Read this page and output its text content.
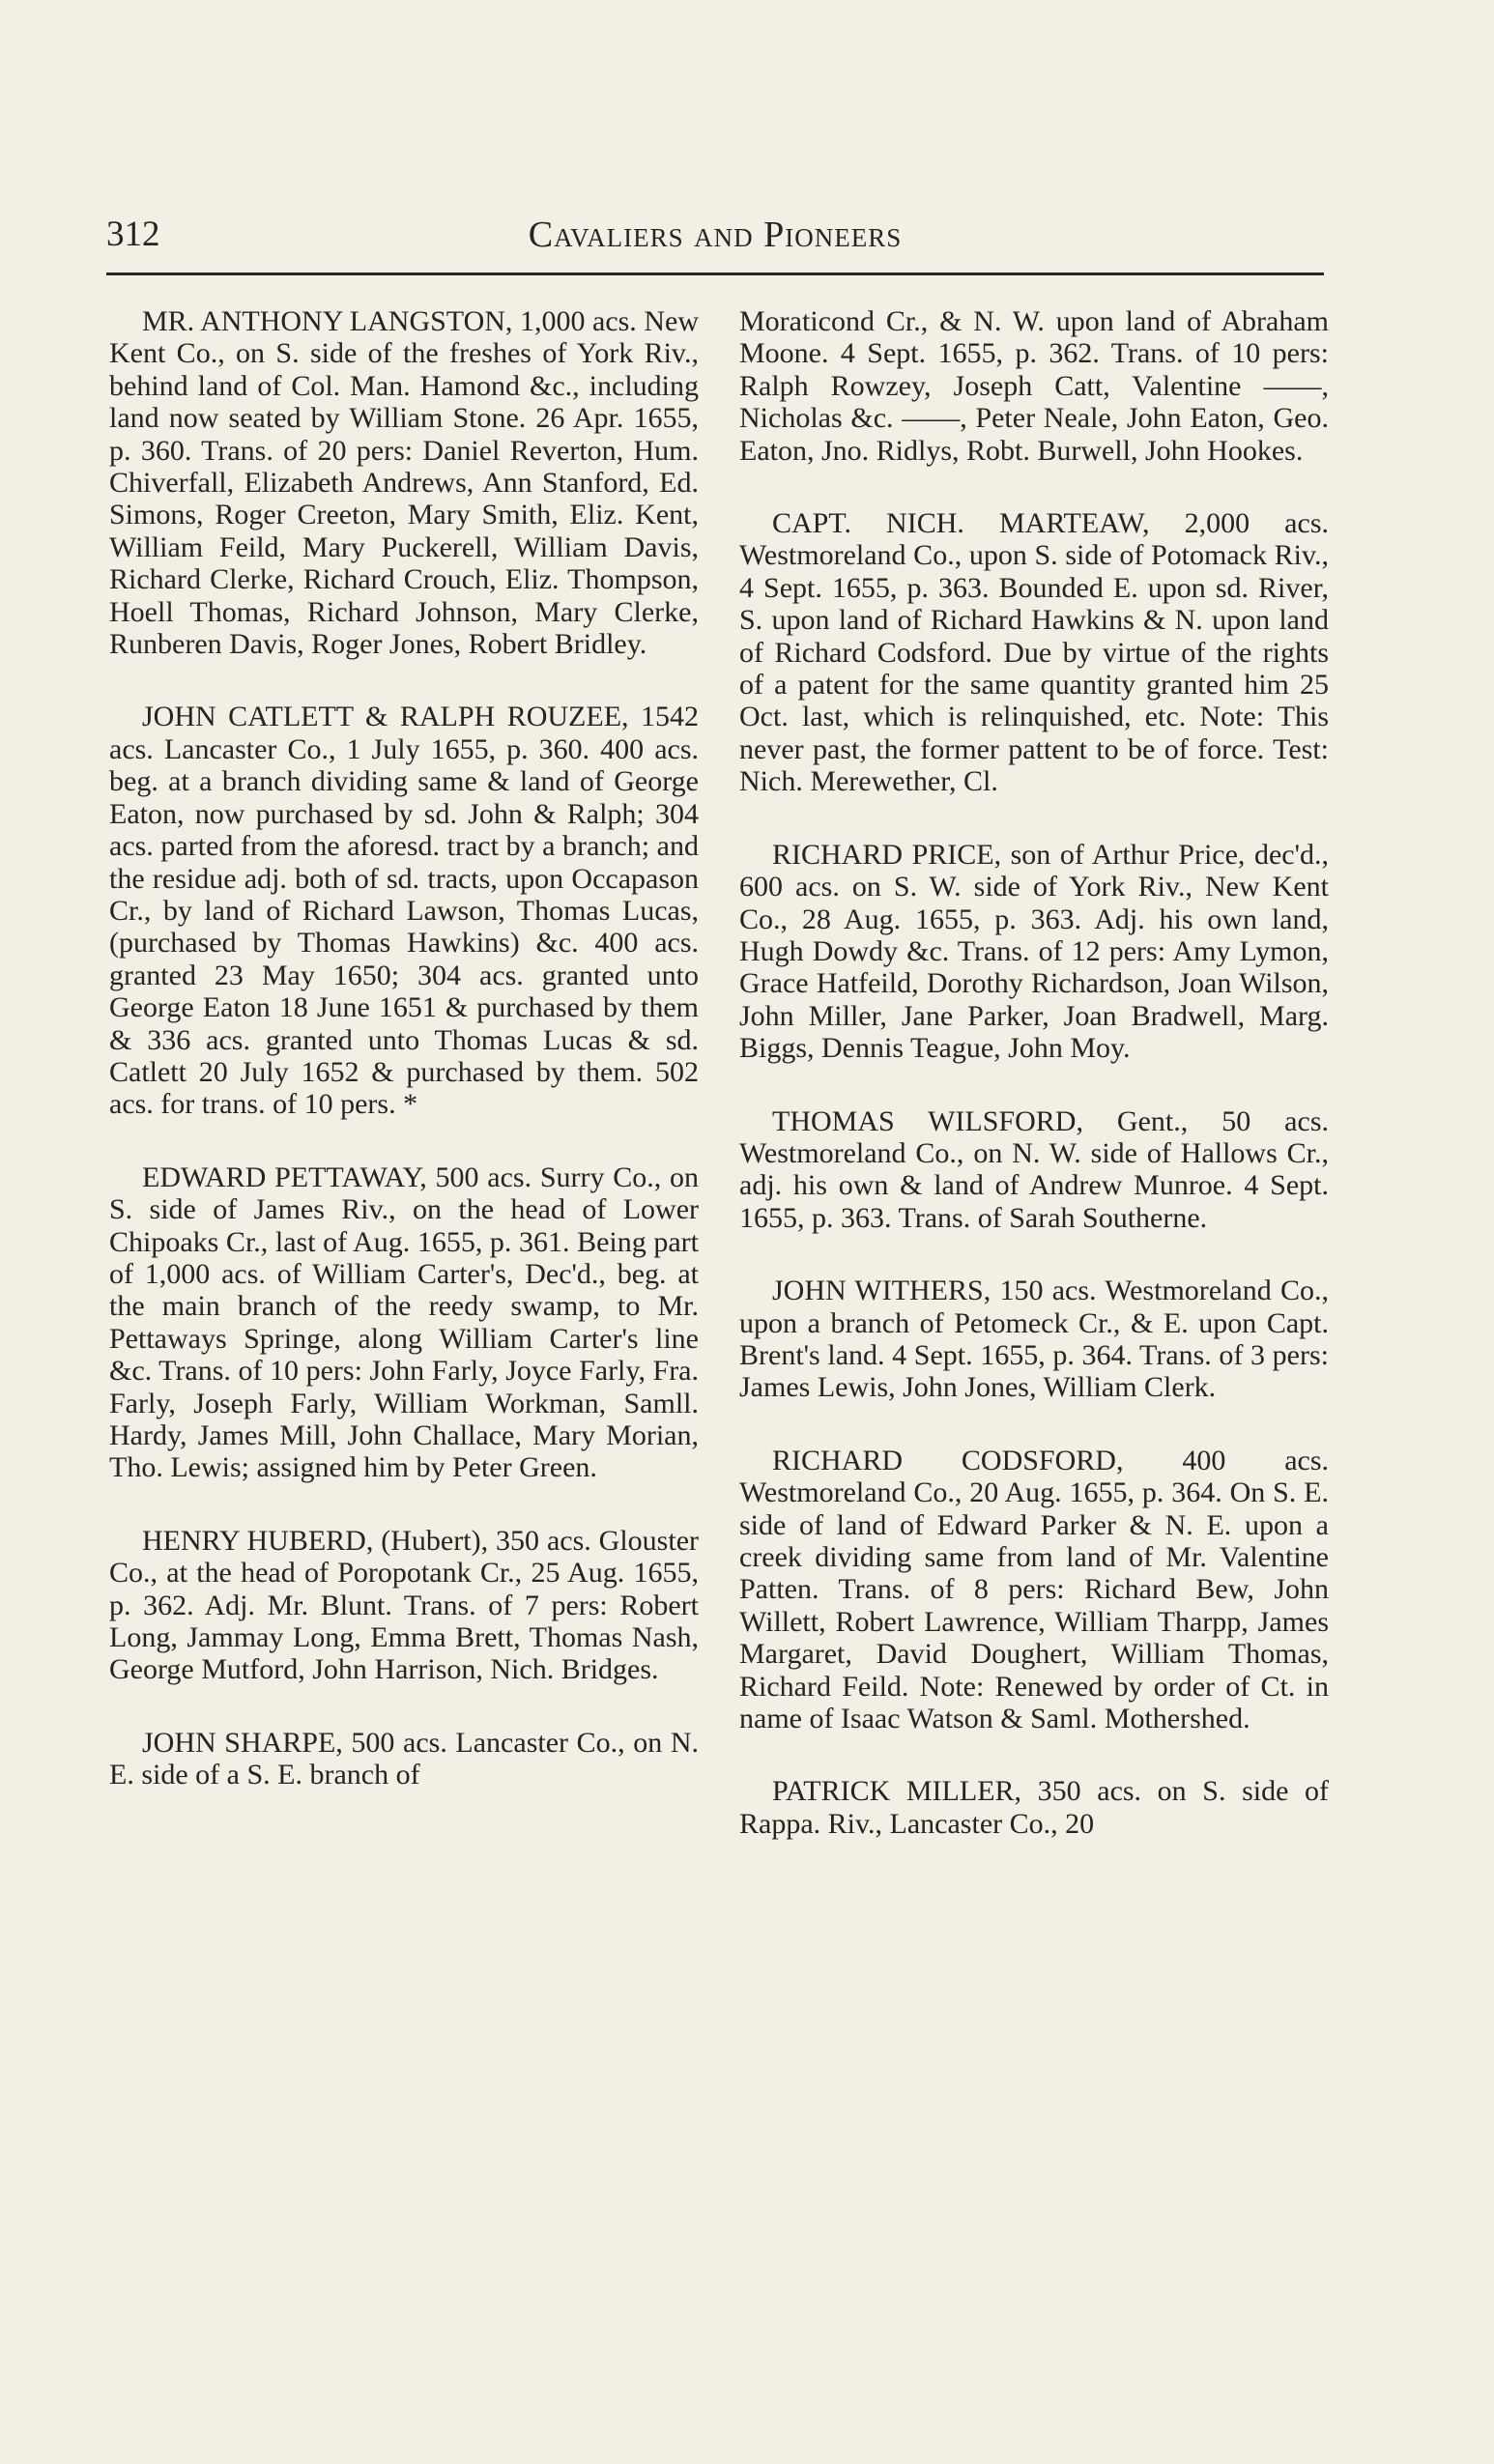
312	Cavaliers and Pioneers

MR. ANTHONY LANGSTON, 1,000 acs. New Kent Co., on S. side of the freshes of York Riv., behind land of Col. Man. Hamond &c., including land now seated by William Stone. 26 Apr. 1655, p. 360. Trans. of 20 pers: Daniel Reverton, Hum. Chiverfall, Elizabeth Andrews, Ann Stanford, Ed. Simons, Roger Creeton, Mary Smith, Eliz. Kent, William Feild, Mary Puckerell, William Davis, Richard Clerke, Richard Crouch, Eliz. Thompson, Hoell Thomas, Richard Johnson, Mary Clerke, Runberen Davis, Roger Jones, Robert Bridley.

JOHN CATLETT & RALPH ROUZEE, 1542 acs. Lancaster Co., 1 July 1655, p. 360. 400 acs. beg. at a branch dividing same & land of George Eaton, now purchased by sd. John & Ralph; 304 acs. parted from the aforesd. tract by a branch; and the residue adj. both of sd. tracts, upon Occapason Cr., by land of Richard Lawson, Thomas Lucas, (purchased by Thomas Hawkins) &c. 400 acs. granted 23 May 1650; 304 acs. granted unto George Eaton 18 June 1651 & purchased by them & 336 acs. granted unto Thomas Lucas & sd. Catlett 20 July 1652 & purchased by them. 502 acs. for trans. of 10 pers. *

EDWARD PETTAWAY, 500 acs. Surry Co., on S. side of James Riv., on the head of Lower Chipoaks Cr., last of Aug. 1655, p. 361. Being part of 1,000 acs. of William Carter's, Dec'd., beg. at the main branch of the reedy swamp, to Mr. Pettaways Springe, along William Carter's line &c. Trans. of 10 pers: John Farly, Joyce Farly, Fra. Farly, Joseph Farly, William Workman, Samll. Hardy, James Mill, John Challace, Mary Morian, Tho. Lewis; assigned him by Peter Green.

HENRY HUBERD, (Hubert), 350 acs. Glouster Co., at the head of Poropotank Cr., 25 Aug. 1655, p. 362. Adj. Mr. Blunt. Trans. of 7 pers: Robert Long, Jammay Long, Emma Brett, Thomas Nash, George Mutford, John Harrison, Nich. Bridges.

JOHN SHARPE, 500 acs. Lancaster Co., on N. E. side of a S. E. branch of

Moraticond Cr., & N. W. upon land of Abraham Moone. 4 Sept. 1655, p. 362. Trans. of 10 pers: Ralph Rowzey, Joseph Catt, Valentine ——, Nicholas &c. ——, Peter Neale, John Eaton, Geo. Eaton, Jno. Ridlys, Robt. Burwell, John Hookes.

CAPT. NICH. MARTEAW, 2,000 acs. Westmoreland Co., upon S. side of Potomack Riv., 4 Sept. 1655, p. 363. Bounded E. upon sd. River, S. upon land of Richard Hawkins & N. upon land of Richard Codsford. Due by virtue of the rights of a patent for the same quantity granted him 25 Oct. last, which is relinquished, etc. Note: This never past, the former pattent to be of force. Test: Nich. Merewether, Cl.

RICHARD PRICE, son of Arthur Price, dec'd., 600 acs. on S. W. side of York Riv., New Kent Co., 28 Aug. 1655, p. 363. Adj. his own land, Hugh Dowdy &c. Trans. of 12 pers: Amy Lymon, Grace Hatfeild, Dorothy Richardson, Joan Wilson, John Miller, Jane Parker, Joan Bradwell, Marg. Biggs, Dennis Teague, John Moy.

THOMAS WILSFORD, Gent., 50 acs. Westmoreland Co., on N. W. side of Hallows Cr., adj. his own & land of Andrew Munroe. 4 Sept. 1655, p. 363. Trans. of Sarah Southerne.

JOHN WITHERS, 150 acs. Westmoreland Co., upon a branch of Petomeck Cr., & E. upon Capt. Brent's land. 4 Sept. 1655, p. 364. Trans. of 3 pers: James Lewis, John Jones, William Clerk.

RICHARD CODSFORD, 400 acs. Westmoreland Co., 20 Aug. 1655, p. 364. On S. E. side of land of Edward Parker & N. E. upon a creek dividing same from land of Mr. Valentine Patten. Trans. of 8 pers: Richard Bew, John Willett, Robert Lawrence, William Tharpp, James Margaret, David Doughert, William Thomas, Richard Feild. Note: Renewed by order of Ct. in name of Isaac Watson & Saml. Mothershed.

PATRICK MILLER, 350 acs. on S. side of Rappa. Riv., Lancaster Co., 20
